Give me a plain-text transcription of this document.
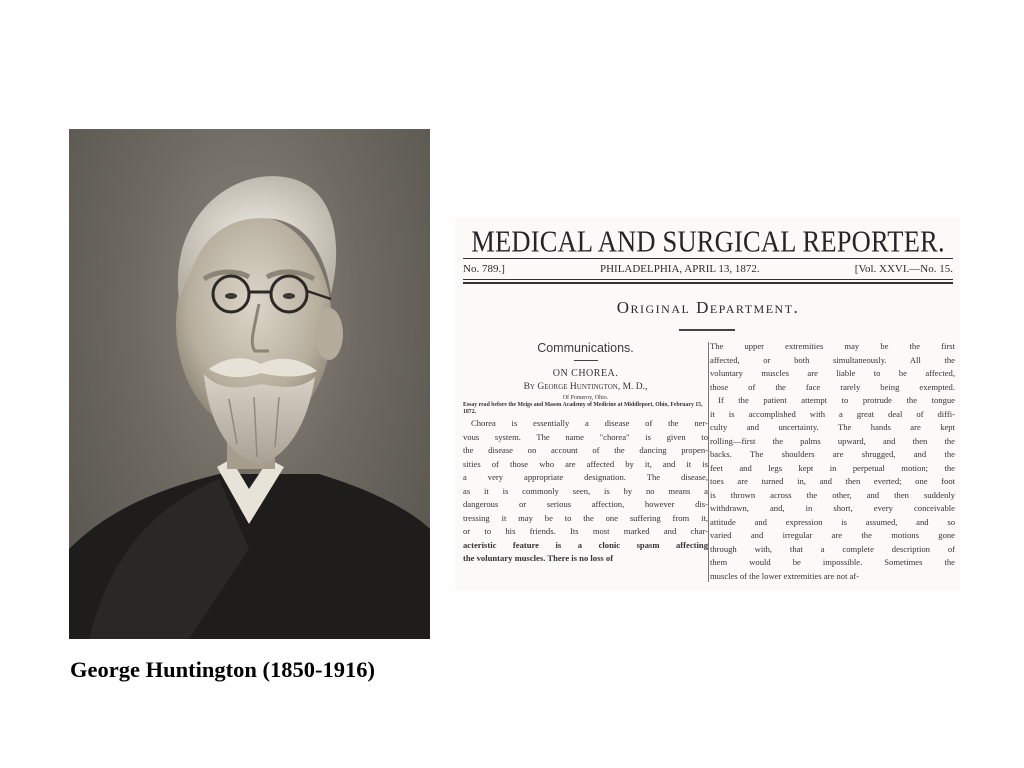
George Huntington (1850-1916)
MEDICAL AND SURGICAL REPORTER.
No. 789.]	PHILADELPHIA, APRIL 13, 1872.	[Vol. XXVI.—No. 15.
Original Department.
Communications.
ON CHOREA.
By George Huntington, M. D.,
Of Pomeroy, Ohio.
Essay read before the Meigs and Mason Academy of Medicine at Middleport, Ohio, February 15, 1872.
Chorea is essentially a disease of the ner-
vous system. The name "chorea" is given to
the disease on account of the dancing propen-
sities of those who are affected by it, and it is
a very appropriate designation. The disease,
as it is commonly seen, is by no means a
dangerous or serious affection, however dis-
tressing it may be to the one suffering from it,
or to his friends. Its most marked and char-
acteristic feature is a clonic spasm affecting
the voluntary muscles. There is no loss of
The upper extremities may be the first
affected, or both simultaneously. All the
voluntary muscles are liable to be affected,
those of the face rarely being exempted.
If the patient attempt to protrude the tongue
it is accomplished with a great deal of diffi-
culty and uncertainty. The hands are kept
rolling—first the palms upward, and then the
backs. The shoulders are shrugged, and the
feet and legs kept in perpetual motion; the
toes are turned in, and then everted; one foot
is thrown across the other, and then suddenly
withdrawn, and, in short, every conceivable
attitude and expression is assumed, and so
varied and irregular are the motions gone
through with, that a complete description of
them would be impossible. Sometimes the
muscles of the lower extremities are not af-
